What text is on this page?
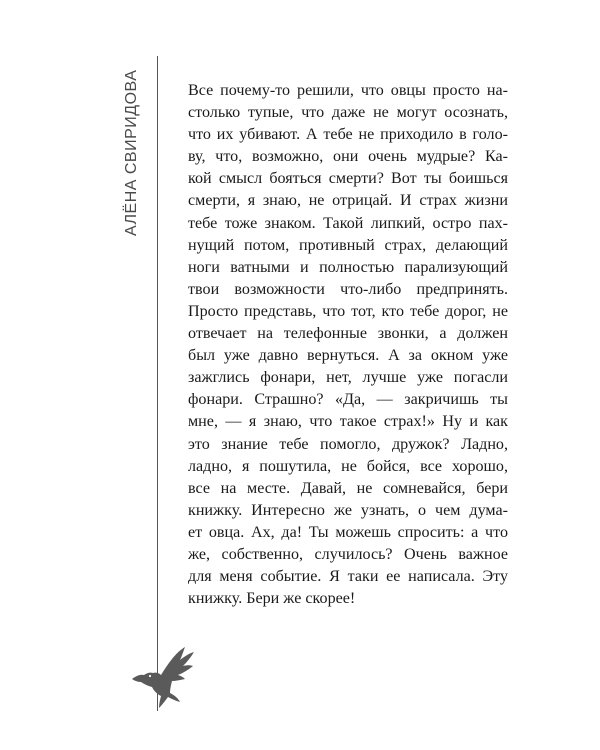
АЛЁНА СВИРИДОВА	Все почему-то решили, что овцы просто на-
столько тупые, что даже не могут осознать,
что их убивают. А тебе не приходило в голо-
ву, что, возможно, они очень мудрые? Ка-
кой смысл бояться смерти? Вот ты боишься
смерти, я знаю, не отрицай. И страх жизни
тебе тоже знаком. Такой липкий, остро пах-
нущий потом, противный страх, делающий
ноги ватными и полностью парализующий
твои возможности что-либо предпринять.
Просто представь, что тот, кто тебе дорог, не
отвечает на телефонные звонки, а должен
был уже давно вернуться. А за окном уже
зажглись фонари, нет, лучше уже погасли
фонари. Страшно? «Да, — закричишь ты
мне, — я знаю, что такое страх!» Ну и как
это знание тебе помогло, дружок? Ладно,
ладно, я пошутила, не бойся, все хорошо,
все на месте. Давай, не сомневайся, бери
книжку. Интересно же узнать, о чем дума-
ет овца. Ах, да! Ты можешь спросить: а что
же, собственно, случилось? Очень важное
для меня событие. Я таки ее написала. Эту
книжку. Бери же скорее!
